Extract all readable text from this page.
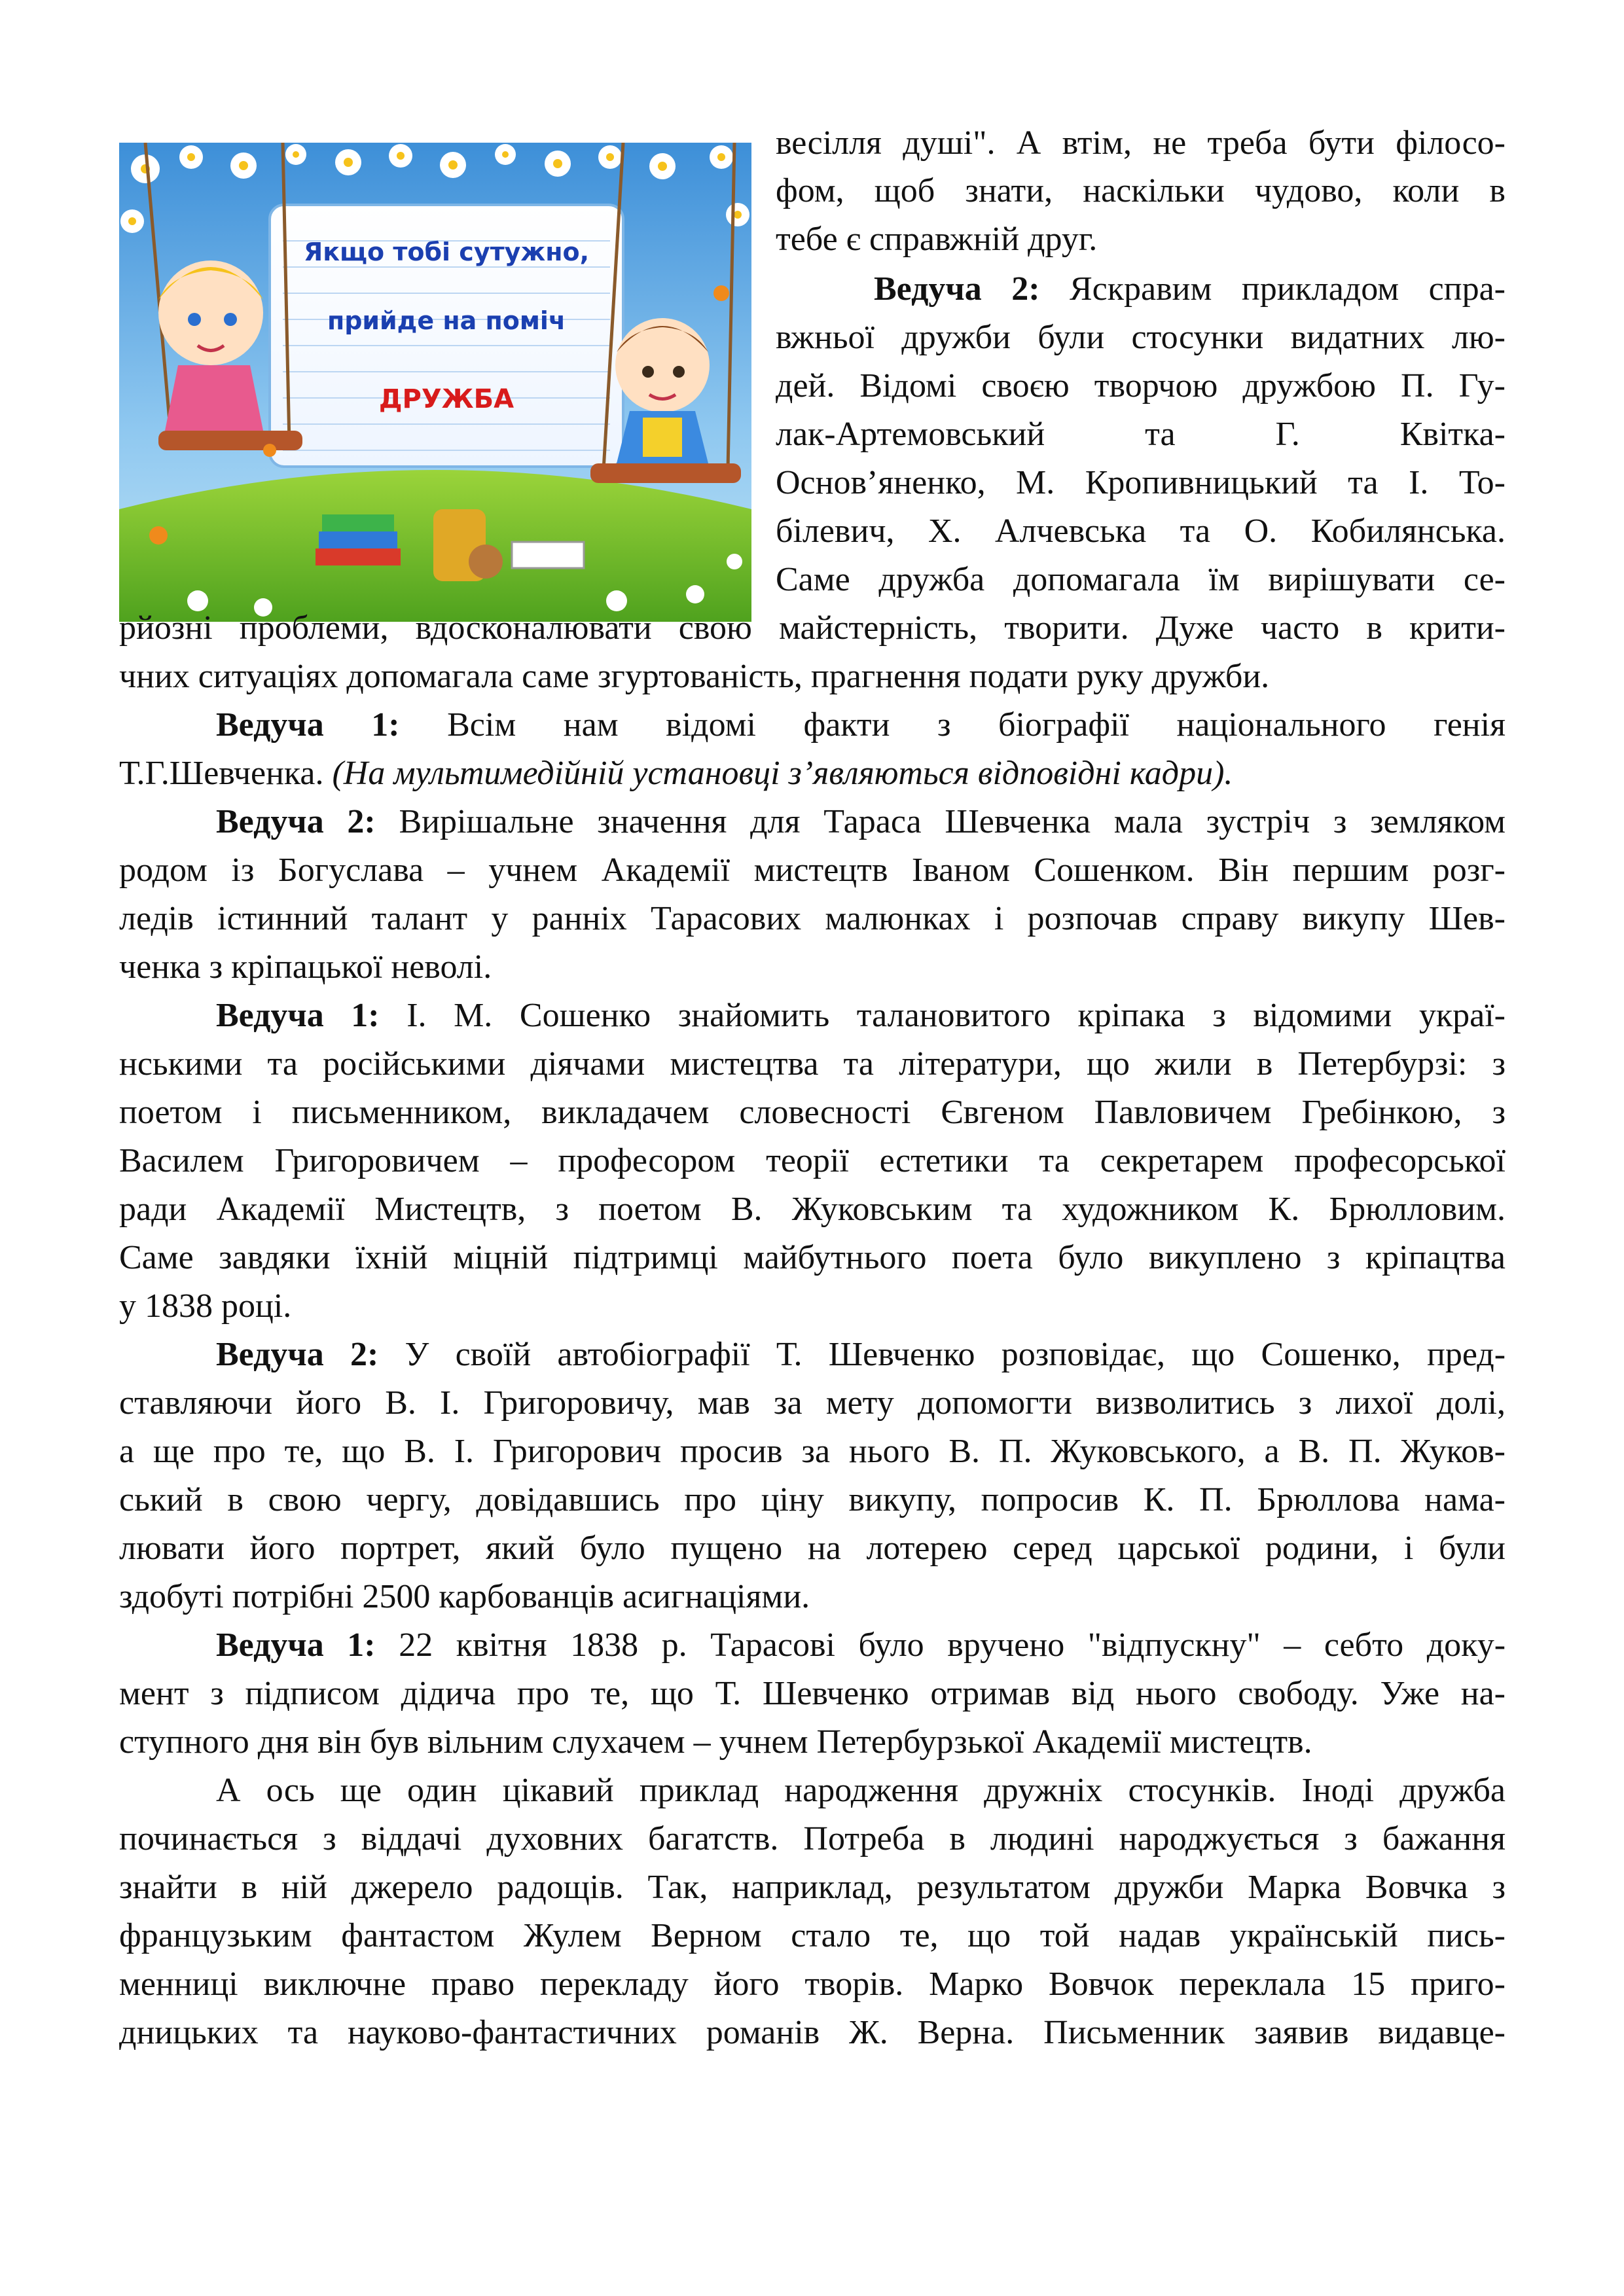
Якщо тобі сутужно,
прийде на поміч
ДРУЖБА
весілля душі". А втім, не треба бути філосо-
фом, щоб знати, наскільки чудово, коли в
тебе є справжній друг.
Ведуча 2: Яскравим прикладом спра-
вжньої дружби були стосунки видатних лю-
дей. Відомі своєю творчою дружбою П. Гу-
лак-Артемовський та Г. Квітка-
Основ’яненко, М. Кропивницький та І. То-
білевич, Х. Алчевська та О. Кобилянська.
Саме дружба допомагала їм вирішувати се-
рйозні проблеми, вдосконалювати свою майстерність, творити. Дуже часто в крити-
чних ситуаціях допомагала саме згуртованість, прагнення подати руку дружби.
Ведуча 1: Всім нам відомі факти з біографії національного генія
Т.Г.Шевченка. (На мультимедійній установці з’являються відповідні кадри).
Ведуча 2: Вирішальне значення для Тараса Шевченка мала зустріч з земляком
родом із Богуслава – учнем Академії мистецтв Іваном Сошенком. Він першим розг-
ледів істинний талант у ранніх Тарасових малюнках і розпочав справу викупу Шев-
ченка з кріпацької неволі.
Ведуча 1: І. М. Сошенко знайомить талановитого кріпака з відомими украї-
нськими та російськими діячами мистецтва та літератури, що жили в Петербурзі: з
поетом і письменником, викладачем словесності Євгеном Павловичем Гребінкою, з
Василем Григоровичем – професором теорії естетики та секретарем професорської
ради Академії Мистецтв, з поетом В. Жуковським та художником К. Брюлловим.
Саме завдяки їхній міцній підтримці майбутнього поета було викуплено з кріпацтва
у 1838 році.
Ведуча 2: У своїй автобіографії Т. Шевченко розповідає, що Сошенко, пред-
ставляючи його В. І. Григоровичу, мав за мету допомогти визволитись з лихої долі,
а ще про те, що В. І. Григорович просив за нього В. П. Жуковського, а В. П. Жуков-
ський в свою чергу, довідавшись про ціну викупу, попросив К. П. Брюллова нама-
лювати його портрет, який було пущено на лотерею серед царської родини, і були
здобуті потрібні 2500 карбованців асигнаціями.
Ведуча 1: 22 квітня 1838 р. Тарасові було вручено "відпускну" – себто доку-
мент з підписом дідича про те, що Т. Шевченко отримав від нього свободу. Уже на-
ступного дня він був вільним слухачем – учнем Петербурзької Академії мистецтв.
А ось ще один цікавий приклад народження дружніх стосунків. Іноді дружба
починається з віддачі духовних багатств. Потреба в людині народжується з бажання
знайти в ній джерело радощів. Так, наприклад, результатом дружби Марка Вовчка з
французьким фантастом Жулем Верном стало те, що той надав українській пись-
менниці виключне право перекладу його творів. Марко Вовчок переклала 15 приго-
дницьких та науково-фантастичних романів Ж. Верна. Письменник заявив видавце-
